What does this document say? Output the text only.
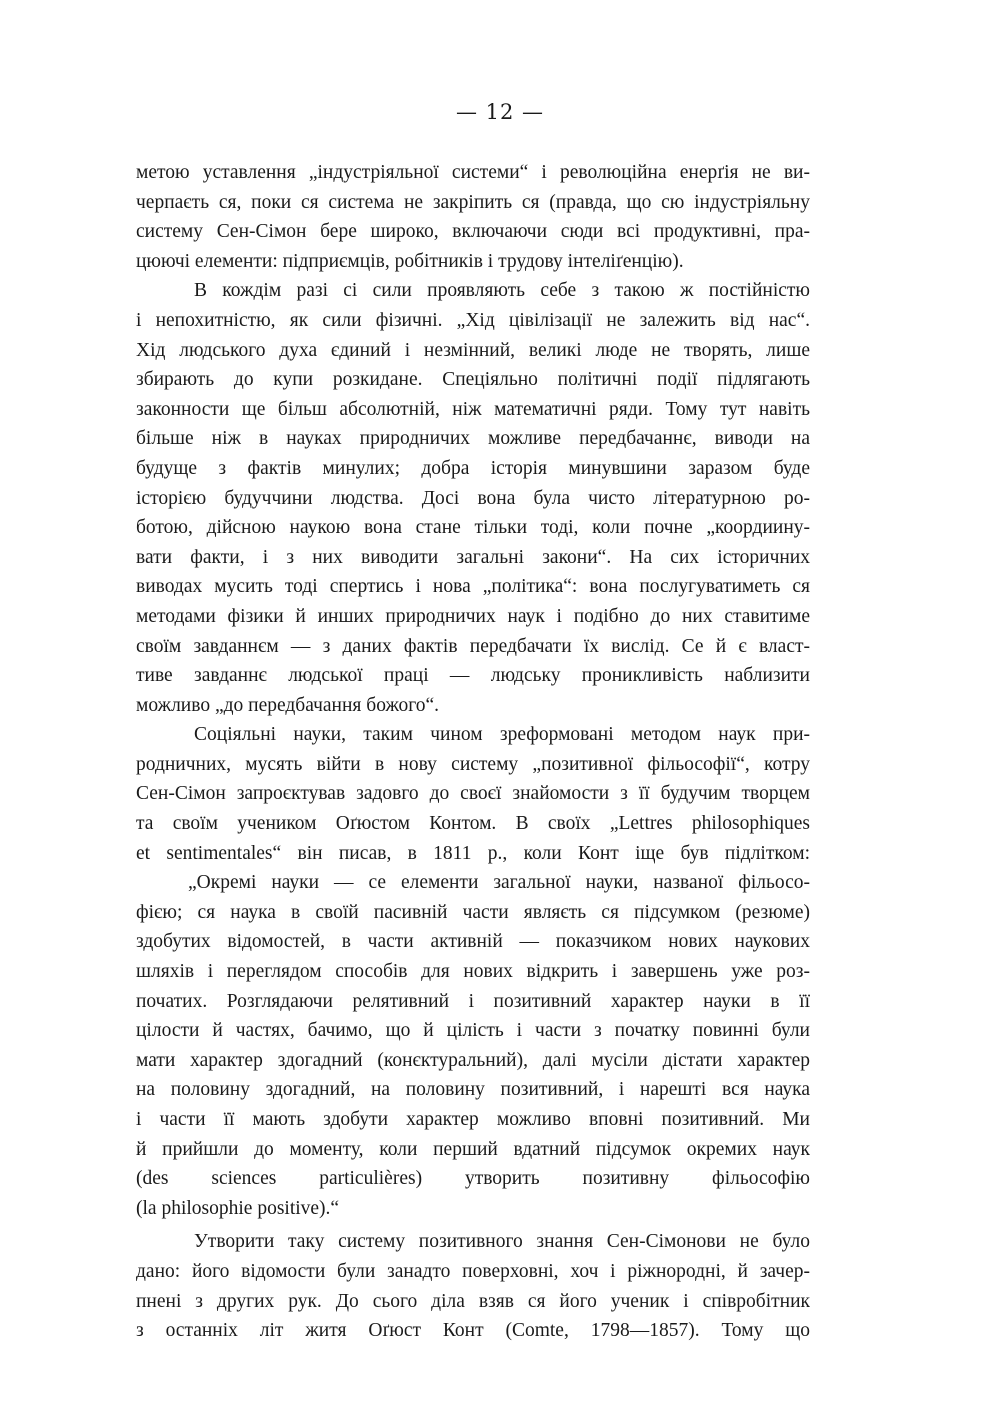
— 12 —
метою уставлення „індустріяльної системи“ і революційна енерґія не ви-
черпаєть ся, поки ся система не закріпить ся (правда, що сю індустріяльну
систему Сен-Сімон бере широко, включаючи сюди всі продуктивні, пра-
цюючі елементи: підприємців, робітників і трудову інтеліґенцію).
В кождім разі сі сили проявляють себе з такою ж постійністю
і непохитністю, як сили фізичні. „Хід цівілізації не залежить від нас“.
Хід людського духа єдиний і незмінний, великі люде не творять, лише
збирають до купи розкидане. Спеціяльно політичні події підлягають
законности ще більш абсолютній, ніж математичні ряди. Тому тут навіть
більше ніж в науках природничих можливе передбачаннє, виводи на
будуще з фактів минулих; добра історія минувшини заразом буде
історією будуччини людства. Досі вона була чисто літературною ро-
ботою, дійсною наукою вона стане тільки тоді, коли почне „коордиину-
вати факти, і з них виводити загальні закони“. На сих історичних
виводах мусить тоді спертись і нова „політика“: вона послугуватиметь ся
методами фізики й инших природничих наук і подібно до них ставитиме
своїм завданнєм — з даних фактів передбачати їх вислід. Се й є власт-
тиве завданнє людської праці — людську проникливість наблизити
можливо „до передбачання божого“.
Соціяльні науки, таким чином зреформовані методом наук при-
родничних, мусять війти в нову систему „позитивної фільософії“, котру
Сен-Сімон запроєктував задовго до своєї знайомости з її будучим творцем
та своїм учеником Оґюстом Контом. В своїх „Lettres philosophiques
et sentimentales“ він писав, в 1811 р., коли Конт іще був підлітком:
„Окремі науки — се елементи загальної науки, названої фільосо-
фією; ся наука в своїй пасивній части являєть ся підсумком (резюме)
здобутих відомостей, в части активній — показчиком нових наукових
шляхів і переглядом способів для нових відкрить і завершень уже роз-
початих. Розглядаючи релятивний і позитивний характер науки в її
цілости й частях, бачимо, що й цілість і части з початку повинні були
мати характер здогадний (конєктуральний), далі мусіли дістати характер
на половину здогадний, на половину позитивний, і нарешті вся наука
і части її мають здобути характер можливо вповні позитивний. Ми
й прийшли до моменту, коли перший вдатний підсумок окремих наук
(des sciences particulières) утворить позитивну фільософію
(la philosophie positive).“
Утворити таку систему позитивного знання Сен-Сімонови не було
дано: його відомости були занадто поверховні, хоч і ріжнородні, й зачер-
пнені з других рук. До сього діла взяв ся його ученик і співробітник
з останніх літ житя Оґюст Конт (Comte, 1798—1857). Тому що
